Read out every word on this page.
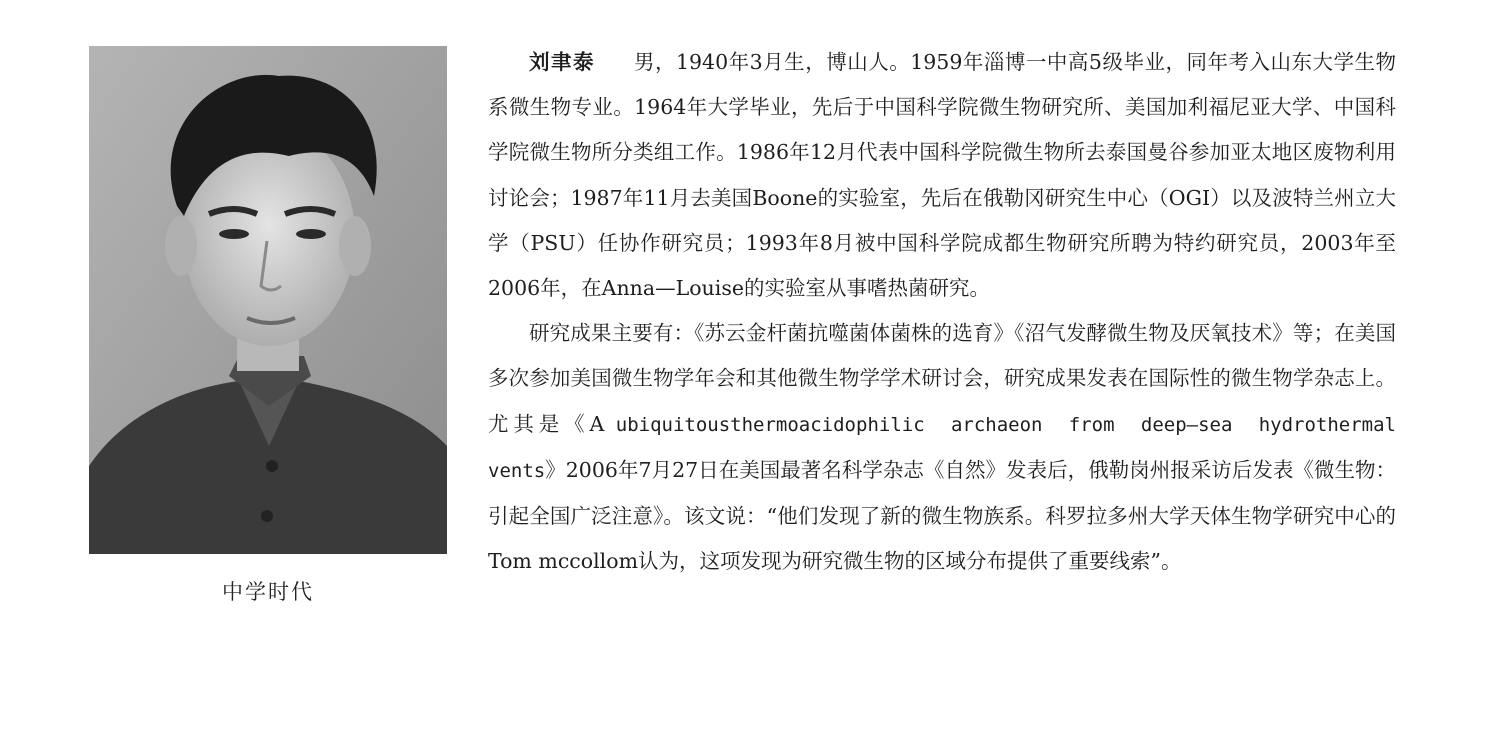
中学时代

刘聿泰 男，1940年3月生，博山人。1959年淄博一中高5级毕业，同年考入山东大学生物系微生物专业。1964年大学毕业，先后于中国科学院微生物研究所、美国加利福尼亚大学、中国科学院微生物所分类组工作。1986年12月代表中国科学院微生物所去泰国曼谷参加亚太地区废物利用讨论会；1987年11月去美国Boone的实验室，先后在俄勒冈研究生中心（OGI）以及波特兰州立大学（PSU）任协作研究员；1993年8月被中国科学院成都生物研究所聘为特约研究员，2003年至2006年，在Anna—Louise的实验室从事嗜热菌研究。

研究成果主要有：《苏云金杆菌抗噬菌体菌株的选育》《沼气发酵微生物及厌氧技术》等；在美国多次参加美国微生物学年会和其他微生物学学术研讨会，研究成果发表在国际性的微生物学杂志上。尤其是《A ubiquitousthermoacidophilic archaeon from deep—sea hydrothermal vents》2006年7月27日在美国最著名科学杂志《自然》发表后，俄勒岗州报采访后发表《微生物：引起全国广泛注意》。该文说：“他们发现了新的微生物族系。科罗拉多州大学天体生物学研究中心的Tom mccollom认为，这项发现为研究微生物的区域分布提供了重要线索”。
